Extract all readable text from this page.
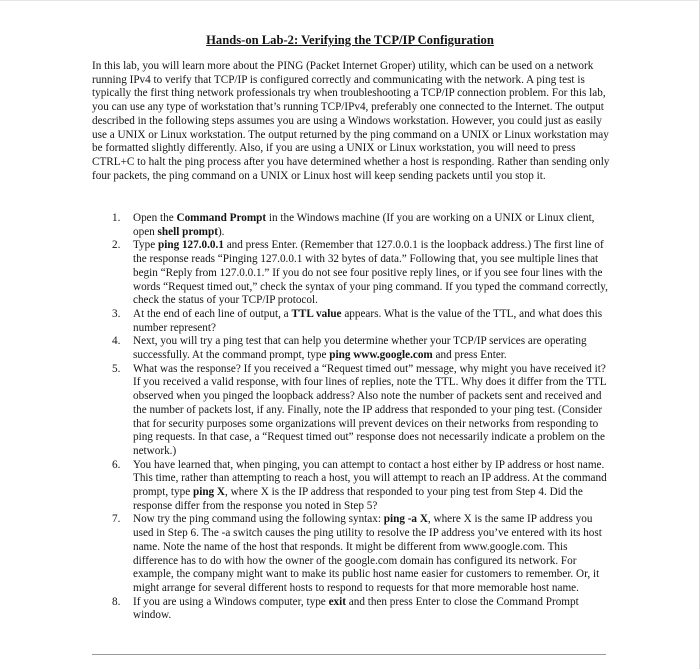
Hands-on Lab-2: Verifying the TCP/IP Configuration

In this lab, you will learn more about the PING (Packet Internet Groper) utility, which can be used on a network running IPv4 to verify that TCP/IP is configured correctly and communicating with the network. A ping test is typically the first thing network professionals try when troubleshooting a TCP/IP connection problem. For this lab, you can use any type of workstation that’s running TCP/IPv4, preferably one connected to the Internet. The output described in the following steps assumes you are using a Windows workstation. However, you could just as easily use a UNIX or Linux workstation. The output returned by the ping command on a UNIX or Linux workstation may be formatted slightly differently. Also, if you are using a UNIX or Linux workstation, you will need to press CTRL+C to halt the ping process after you have determined whether a host is responding. Rather than sending only four packets, the ping command on a UNIX or Linux host will keep sending packets until you stop it.

1.	Open the Command Prompt in the Windows machine (If you are working on a UNIX or Linux client, open shell prompt).
2.	Type ping 127.0.0.1 and press Enter. (Remember that 127.0.0.1 is the loopback address.) The first line of the response reads “Pinging 127.0.0.1 with 32 bytes of data.” Following that, you see multiple lines that begin “Reply from 127.0.0.1.” If you do not see four positive reply lines, or if you see four lines with the words “Request timed out,” check the syntax of your ping command. If you typed the command correctly, check the status of your TCP/IP protocol.
3.	At the end of each line of output, a TTL value appears. What is the value of the TTL, and what does this number represent?
4.	Next, you will try a ping test that can help you determine whether your TCP/IP services are operating successfully. At the command prompt, type ping www.google.com and press Enter.
5.	What was the response? If you received a “Request timed out” message, why might you have received it? If you received a valid response, with four lines of replies, note the TTL. Why does it differ from the TTL observed when you pinged the loopback address? Also note the number of packets sent and received and the number of packets lost, if any. Finally, note the IP address that responded to your ping test. (Consider that for security purposes some organizations will prevent devices on their networks from responding to ping requests. In that case, a “Request timed out” response does not necessarily indicate a problem on the network.)
6.	You have learned that, when pinging, you can attempt to contact a host either by IP address or host name. This time, rather than attempting to reach a host, you will attempt to reach an IP address. At the command prompt, type ping X, where X is the IP address that responded to your ping test from Step 4. Did the response differ from the response you noted in Step 5?
7.	Now try the ping command using the following syntax: ping -a X, where X is the same IP address you used in Step 6. The -a switch causes the ping utility to resolve the IP address you’ve entered with its host name. Note the name of the host that responds. It might be different from www.google.com. This difference has to do with how the owner of the google.com domain has configured its network. For example, the company might want to make its public host name easier for customers to remember. Or, it might arrange for several different hosts to respond to requests for that more memorable host name.
8.	If you are using a Windows computer, type exit and then press Enter to close the Command Prompt window.
